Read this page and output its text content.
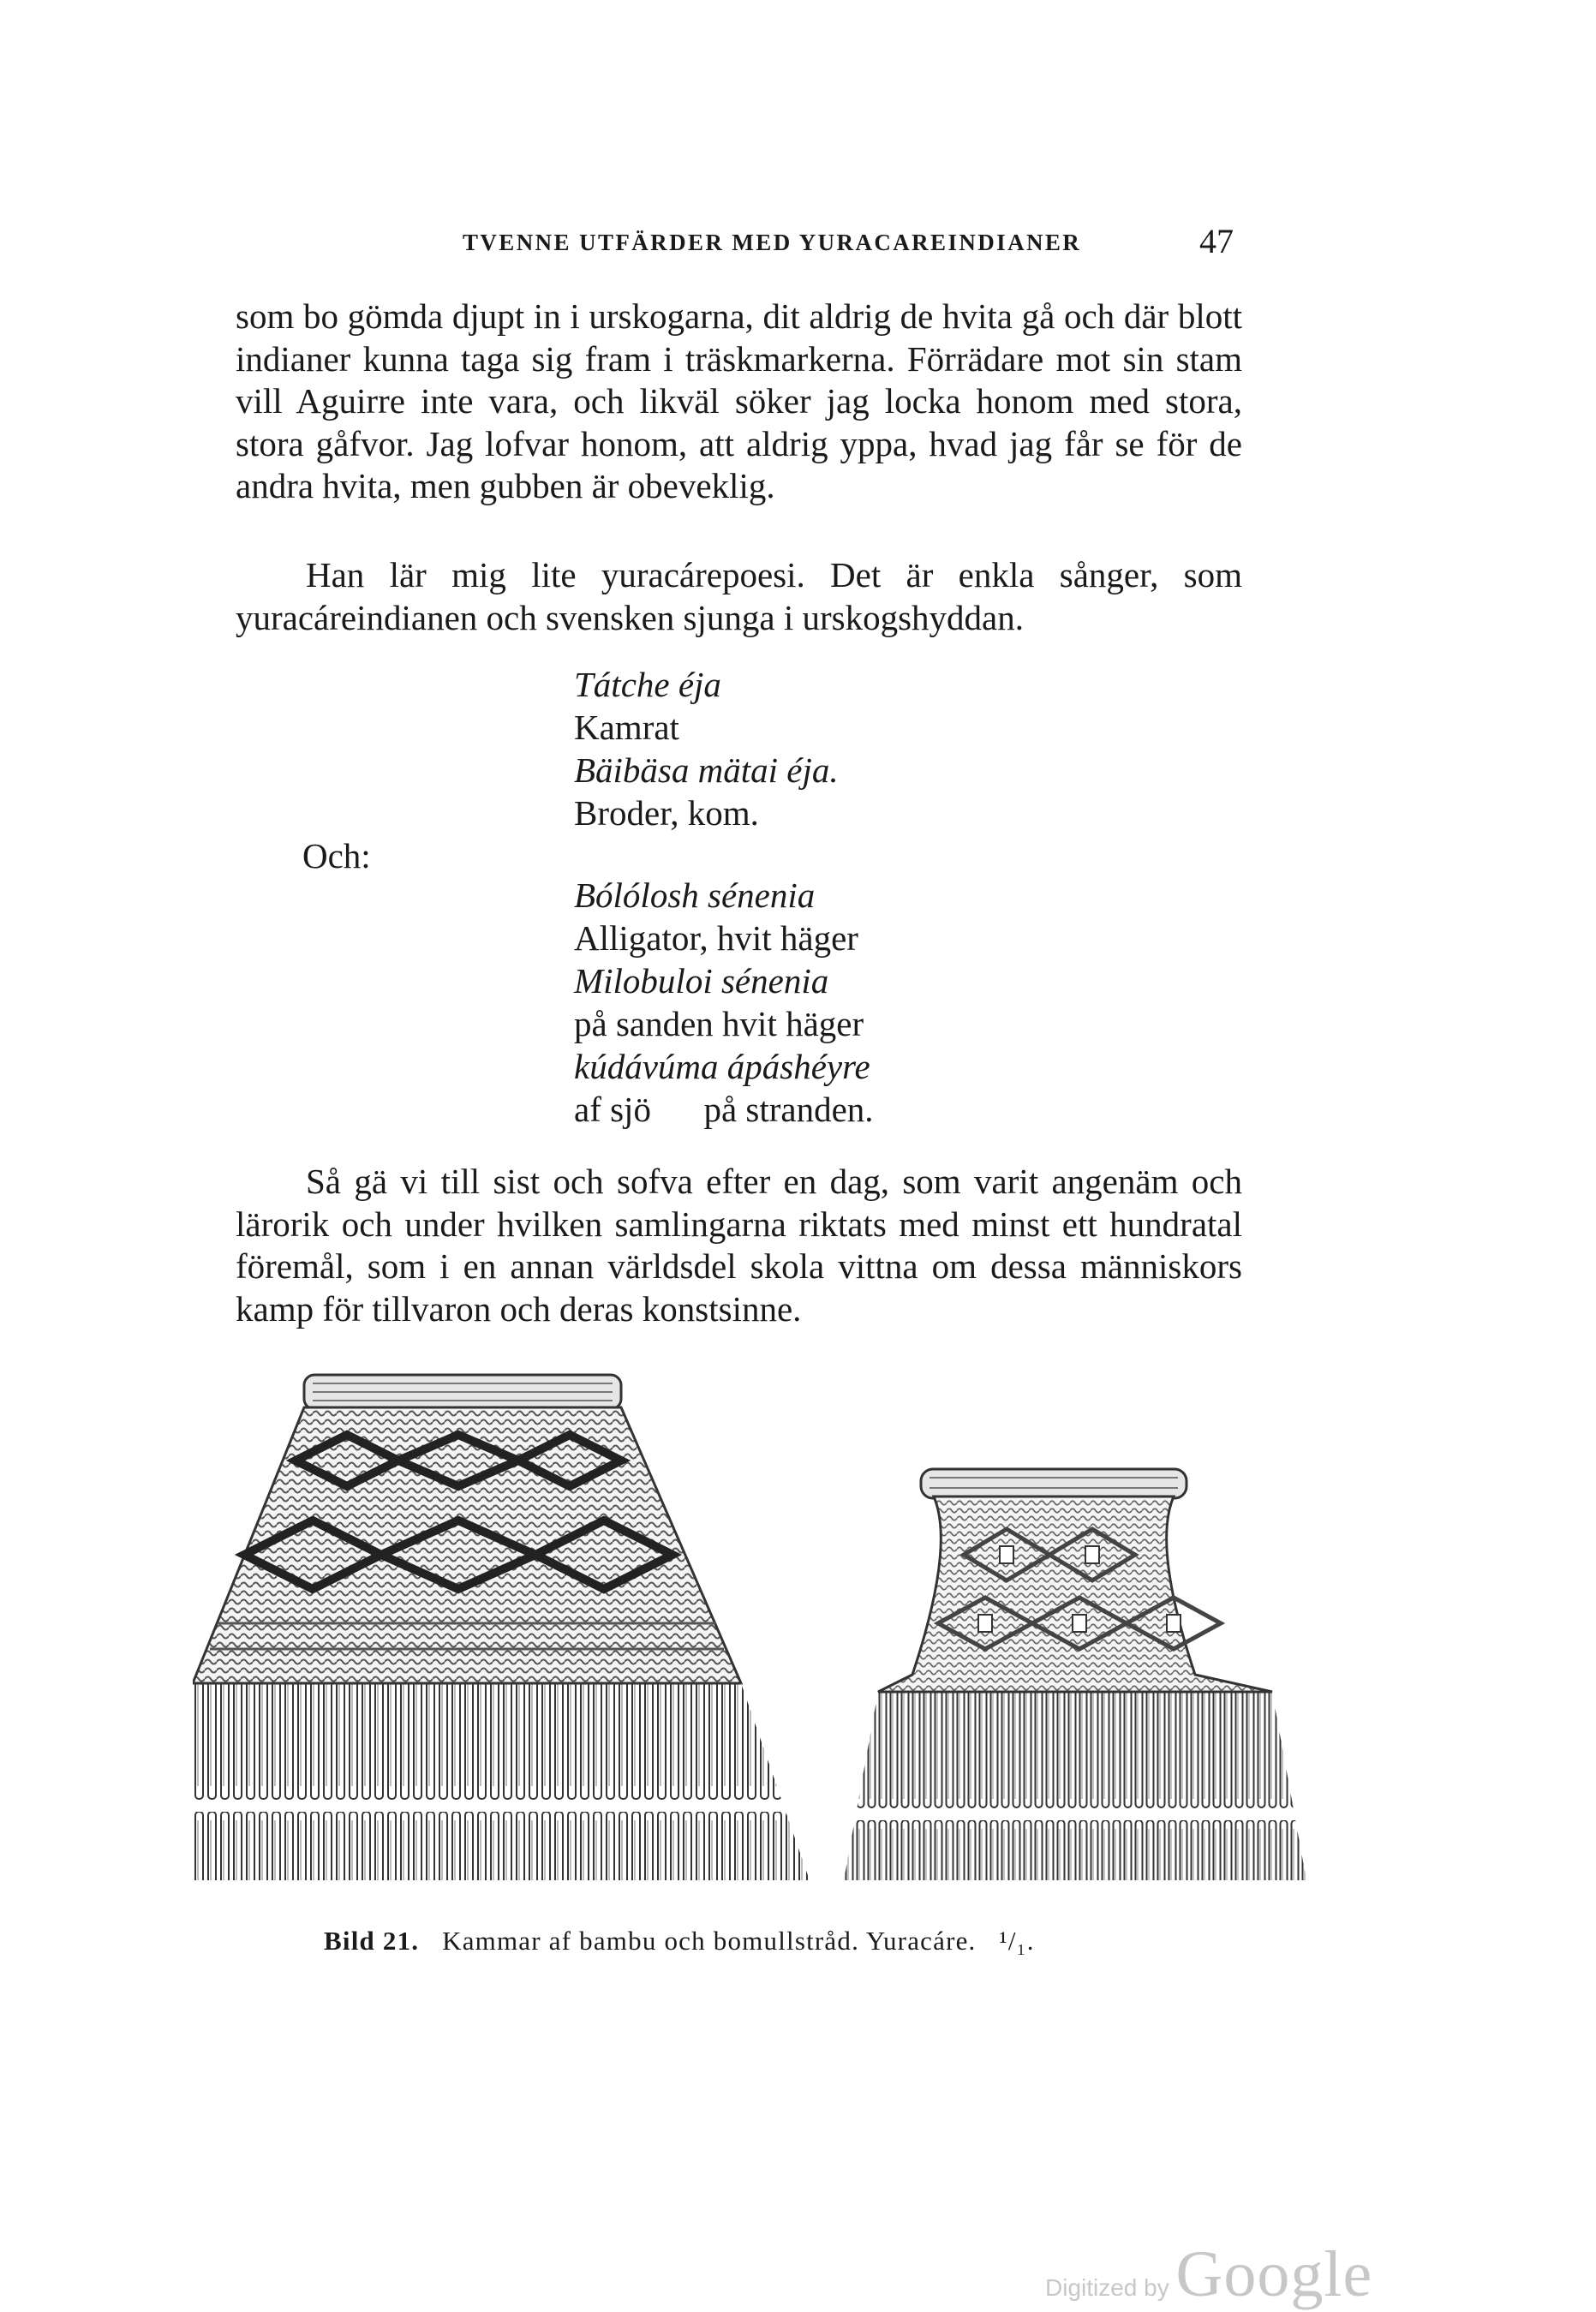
TVENNE UTFÄRDER MED YURACAREINDIANER	47

som bo gömda djupt in i urskogarna, dit aldrig de hvita gå och där blott indianer kunna taga sig fram i träskmarkerna. Förrädare mot sin stam vill Aguirre inte vara, och likväl söker jag locka honom med stora, stora gåfvor. Jag lofvar honom, att aldrig yppa, hvad jag får se för de andra hvita, men gubben är obeveklig.

Han lär mig lite yuracárepoesi. Det är enkla sånger, som yuracáreindianen och svensken sjunga i urskogshyddan.

Tátche éja
Kamrat
Bäibäsa mätai éja.
Broder, kom.
Och:
Bólólosh sénenia
Alligator, hvit häger
Milobuloi sénenia
på sanden hvit häger
kúdávúma ápáshéyre
af sjö      på stranden.

Så gä vi till sist och sofva efter en dag, som varit angenäm och lärorik och under hvilken samlingarna riktats med minst ett hundratal föremål, som i en annan världsdel skola vittna om dessa människors kamp för tillvaron och deras konstsinne.

Bild 21. Kammar af bambu och bomullstråd. Yuracáre. ¹/₁.
Digitized by Google
